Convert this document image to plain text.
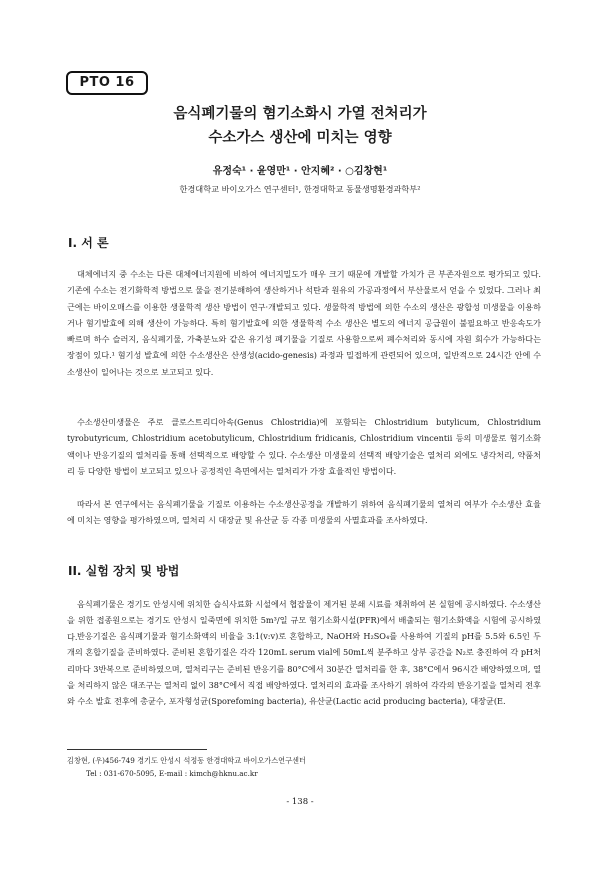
PTO 16
음식폐기물의 혐기소화시 가열 전처리가
수소가스 생산에 미치는 영향
유정숙¹ · 윤영만¹ · 안지혜² · ○김창현¹
한경대학교 바이오가스 연구센터¹, 한경대학교 동물생명환경과학부²
I. 서 론

대체에너지 중 수소는 다른 대체에너지원에 비하여 에너지밀도가 매우 크기 때문에 개발할 가치가 큰 부존자원으로 평가되고 있다. 기존에 수소는 전기화학적 방법으로 물을 전기분해하여 생산하거나 석탄과 원유의 가공과정에서 부산물로서 얻을 수 있었다. 그러나 최근에는 바이오매스를 이용한 생물학적 생산 방법이 연구·개발되고 있다. 생물학적 방법에 의한 수소의 생산은 광합성 미생물을 이용하거나 혐기발효에 의해 생산이 가능하다. 특히 혐기발효에 의한 생물학적 수소 생산은 별도의 에너지 공급원이 불필요하고 반응속도가 빠르며 하수 슬러지, 음식폐기물, 가축분뇨와 같은 유기성 폐기물을 기질로 사용함으로써 폐수처리와 동시에 자원 회수가 가능하다는 장점이 있다.¹ 혐기성 발효에 의한 수소생산은 산생성(acido-genesis) 과정과 밀접하게 관련되어 있으며, 일반적으로 24시간 안에 수소생산이 일어나는 것으로 보고되고 있다.

수소생산미생물은 주로 클로스트리디아속(Genus Chlostridia)에 포함되는 Chlostridium butylicum, Chlostridium tyrobutyricum, Chlostridium acetobutylicum, Chlostridium fridicanis, Chlostridium vincentii 등의 미생물로 혐기소화액이나 반응기질의 열처리를 통해 선택적으로 배양할 수 있다. 수소생산 미생물의 선택적 배양기술은 열처리 외에도 냉각처리, 약품처리 등 다양한 방법이 보고되고 있으나 공정적인 측면에서는 열처리가 가장 효율적인 방법이다.

따라서 본 연구에서는 음식폐기물을 기질로 이용하는 수소생산공정을 개발하기 위하여 음식폐기물의 열처리 여부가 수소생산 효율에 미치는 영향을 평가하였으며, 열처리 시 대장균 및 유산균 등 각종 미생물의 사멸효과를 조사하였다.

II. 실험 장치 및 방법

음식폐기물은 경기도 안성시에 위치한 습식사료화 시설에서 협잡물이 제거된 분쇄 시료를 채취하여 본 실험에 공시하였다. 수소생산을 위한 접종원으로는 경기도 안성시 일죽면에 위치한 5m³/일 규모 혐기소화시설(PFR)에서 배출되는 혐기소화액을 시험에 공시하였다. 반응기질은 음식폐기물과 혐기소화액의 비율을 3:1(v:v)로 혼합하고, NaOH와 H₂SO₄를 사용하여 기질의 pH를 5.5와 6.5인 두 개의 혼합기질을 준비하였다. 준비된 혼합기질은 각각 120mL serum vial에 50mL씩 분주하고 상부 공간을 N₂로 충진하여 각 pH처리마다 3반복으로 준비하였으며, 열처리구는 준비된 반응기를 80°C에서 30분간 열처리를 한 후, 38°C에서 96시간 배양하였으며, 열을 처리하지 않은 대조구는 열처리 없이 38°C에서 직접 배양하였다. 열처리의 효과를 조사하기 위하여 각각의 반응기질을 열처리 전후와 수소 발효 전후에 총균수, 포자형성균(Sporefoming bacteria), 유산균(Lactic acid producing bacteria), 대장균(E.

김창현, (우)456-749 경기도 안성시 석정동 한경대학교 바이오가스연구센터
Tel : 031-670-5095, E-mail : kimch@hknu.ac.kr
- 138 -
